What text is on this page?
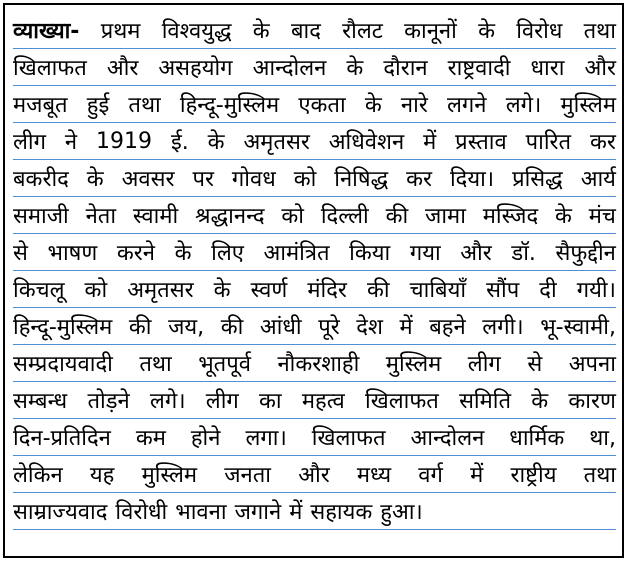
व्याख्या- प्रथम विश्वयुद्ध के बाद रौलट कानूनों के विरोध तथा
खिलाफत और असहयोग आन्दोलन के दौरान राष्ट्रवादी धारा और
मजबूत हुई तथा हिन्दू-मुस्लिम एकता के नारे लगने लगे। मुस्लिम
लीग ने 1919 ई. के अमृतसर अधिवेशन में प्रस्ताव पारित कर
बकरीद के अवसर पर गोवध को निषिद्ध कर दिया। प्रसिद्ध आर्य
समाजी नेता स्वामी श्रद्धानन्द को दिल्ली की जामा मस्जिद के मंच
से भाषण करने के लिए आमंत्रित किया गया और डॉ. सैफुद्दीन
किचलू को अमृतसर के स्वर्ण मंदिर की चाबियाँ सौंप दी गयी।
हिन्दू-मुस्लिम की जय, की आंधी पूरे देश में बहने लगी। भू-स्वामी,
सम्प्रदायवादी तथा भूतपूर्व नौकरशाही मुस्लिम लीग से अपना
सम्बन्ध तोड़ने लगे। लीग का महत्व खिलाफत समिति के कारण
दिन-प्रतिदिन कम होने लगा। खिलाफत आन्दोलन धार्मिक था,
लेकिन यह मुस्लिम जनता और मध्य वर्ग में राष्ट्रीय तथा
साम्राज्यवाद विरोधी भावना जगाने में सहायक हुआ।
